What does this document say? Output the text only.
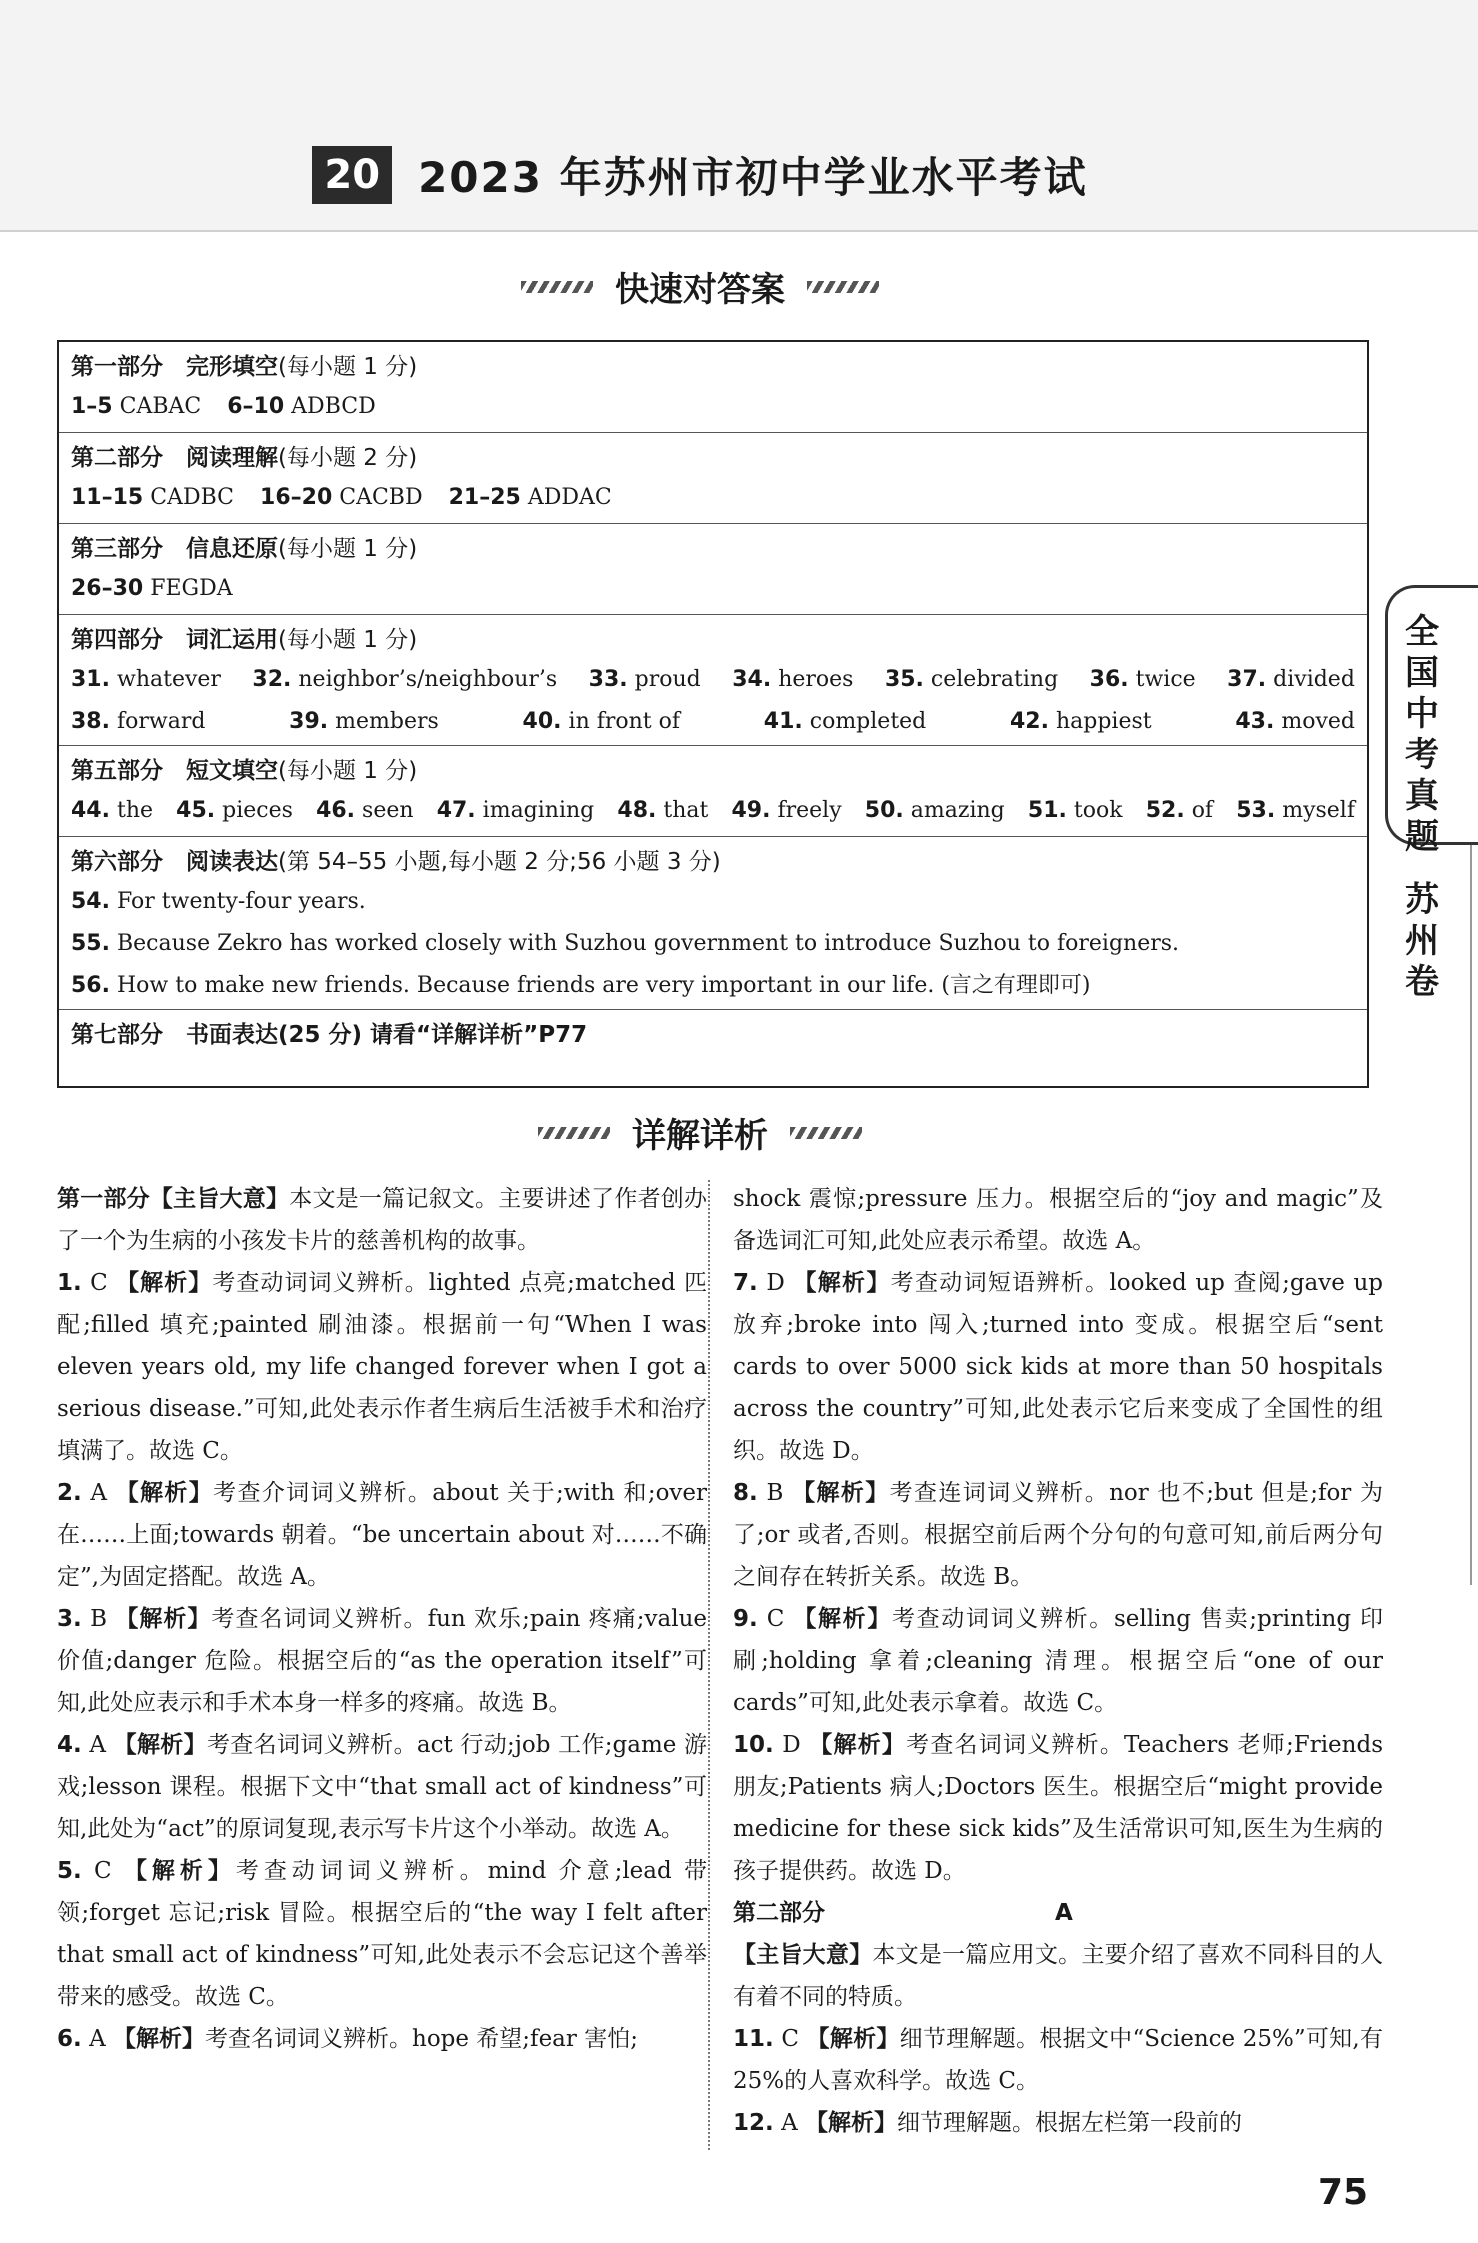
20 2023 年苏州市初中学业水平考试
快速对答案
第一部分　完形填空(每小题 1 分)
1–5 CABAC 6–10 ADBCD
第二部分　阅读理解(每小题 2 分)
11–15 CADBC 16–20 CACBD 21–25 ADDAC
第三部分　信息还原(每小题 1 分)
26–30 FEGDA
第四部分　词汇运用(每小题 1 分)
31. whatever 32. neighbor’s/neighbour’s 33. proud 34. heroes 35. celebrating 36. twice 37. divided
38. forward	39. members	40. in front of	41. completed	42. happiest	43. moved
第五部分　短文填空(每小题 1 分)
44. the 45. pieces 46. seen 47. imagining 48. that 49. freely 50. amazing 51. took 52. of 53. myself
第六部分　阅读表达(第 54–55 小题,每小题 2 分;56 小题 3 分)
54. For twenty-four years.
55. Because Zekro has worked closely with Suzhou government to introduce Suzhou to foreigners.
56. How to make new friends. Because friends are very important in our life. (言之有理即可)
第七部分　书面表达(25 分) 请看“详解详析”P77
详解详析
第一部分【主旨大意】本文是一篇记叙文。主要讲述了作者创办了一个为生病的小孩发卡片的慈善机构的故事。
1. C 【解析】考查动词词义辨析。lighted 点亮;matched 匹配;filled 填充;painted 刷油漆。根据前一句“When I was eleven years old, my life changed forever when I got a serious disease.”可知,此处表示作者生病后生活被手术和治疗填满了。故选 C。
2. A 【解析】考查介词词义辨析。about 关于;with 和;over 在……上面;towards 朝着。“be uncertain about 对……不确定”,为固定搭配。故选 A。
3. B 【解析】考查名词词义辨析。fun 欢乐;pain 疼痛;value 价值;danger 危险。根据空后的“as the operation itself”可知,此处应表示和手术本身一样多的疼痛。故选 B。
4. A 【解析】考查名词词义辨析。act 行动;job 工作;game 游戏;lesson 课程。根据下文中“that small act of kindness”可知,此处为“act”的原词复现,表示写卡片这个小举动。故选 A。
5. C 【解析】考查动词词义辨析。mind 介意;lead 带领;forget 忘记;risk 冒险。根据空后的“the way I felt after that small act of kindness”可知,此处表示不会忘记这个善举带来的感受。故选 C。
6. A 【解析】考查名词词义辨析。hope 希望;fear 害怕;
shock 震惊;pressure 压力。根据空后的“joy and magic”及备选词汇可知,此处应表示希望。故选 A。
7. D 【解析】考查动词短语辨析。looked up 查阅;gave up 放弃;broke into 闯入;turned into 变成。根据空后“sent cards to over 5000 sick kids at more than 50 hospitals across the country”可知,此处表示它后来变成了全国性的组织。故选 D。
8. B 【解析】考查连词词义辨析。nor 也不;but 但是;for 为了;or 或者,否则。根据空前后两个分句的句意可知,前后两分句之间存在转折关系。故选 B。
9. C 【解析】考查动词词义辨析。selling 售卖;printing 印刷;holding 拿着;cleaning 清理。根据空后“one of our cards”可知,此处表示拿着。故选 C。
10. D 【解析】考查名词词义辨析。Teachers 老师;Friends 朋友;Patients 病人;Doctors 医生。根据空后“might provide medicine for these sick kids”及生活常识可知,医生为生病的孩子提供药。故选 D。
第二部分	A
【主旨大意】本文是一篇应用文。主要介绍了喜欢不同科目的人有着不同的特质。
11. C 【解析】细节理解题。根据文中“Science 25%”可知,有 25%的人喜欢科学。故选 C。
12. A 【解析】细节理解题。根据左栏第一段前的
全国中考真题
苏州卷
75
